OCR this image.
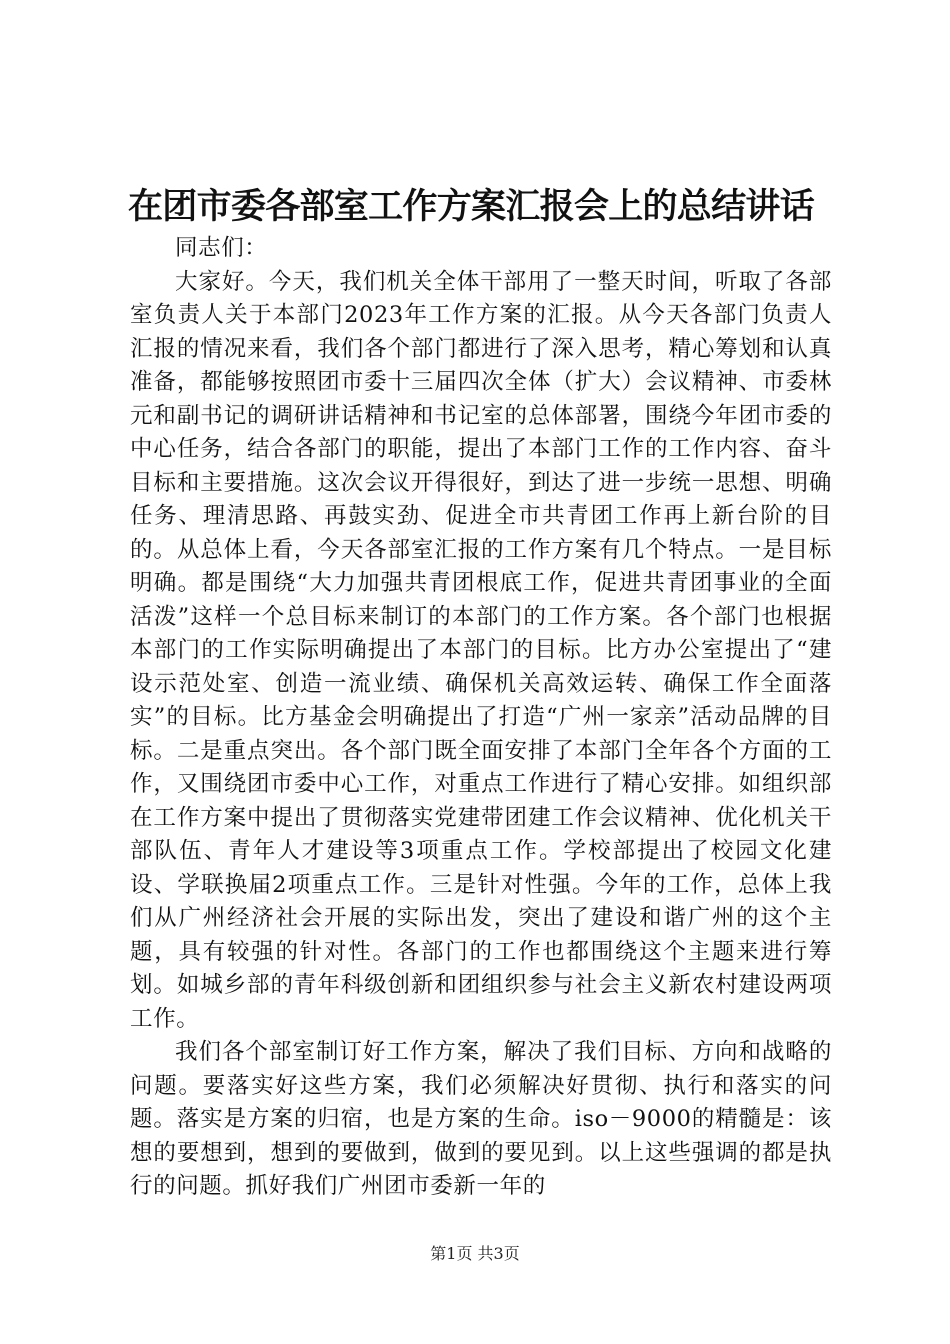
在团市委各部室工作方案汇报会上的总结讲话

同志们：

大家好。今天，我们机关全体干部用了一整天时间，听取了各部室负责人关于本部门2023年工作方案的汇报。从今天各部门负责人汇报的情况来看，我们各个部门都进行了深入思考，精心筹划和认真准备，都能够按照团市委十三届四次全体（扩大）会议精神、市委林元和副书记的调研讲话精神和书记室的总体部署，围绕今年团市委的中心任务，结合各部门的职能，提出了本部门工作的工作内容、奋斗目标和主要措施。这次会议开得很好，到达了进一步统一思想、明确任务、理清思路、再鼓实劲、促进全市共青团工作再上新台阶的目的。从总体上看，今天各部室汇报的工作方案有几个特点。一是目标明确。都是围绕“大力加强共青团根底工作，促进共青团事业的全面活泼”这样一个总目标来制订的本部门的工作方案。各个部门也根据本部门的工作实际明确提出了本部门的目标。比方办公室提出了“建设示范处室、创造一流业绩、确保机关高效运转、确保工作全面落实”的目标。比方基金会明确提出了打造“广州一家亲”活动品牌的目标。二是重点突出。各个部门既全面安排了本部门全年各个方面的工作，又围绕团市委中心工作，对重点工作进行了精心安排。如组织部在工作方案中提出了贯彻落实党建带团建工作会议精神、优化机关干部队伍、青年人才建设等3项重点工作。学校部提出了校园文化建设、学联换届2项重点工作。三是针对性强。今年的工作，总体上我们从广州经济社会开展的实际出发，突出了建设和谐广州的这个主题，具有较强的针对性。各部门的工作也都围绕这个主题来进行筹划。如城乡部的青年科级创新和团组织参与社会主义新农村建设两项工作。

我们各个部室制订好工作方案，解决了我们目标、方向和战略的问题。要落实好这些方案，我们必须解决好贯彻、执行和落实的问题。落实是方案的归宿，也是方案的生命。iso－9000的精髓是：该想的要想到，想到的要做到，做到的要见到。以上这些强调的都是执行的问题。抓好我们广州团市委新一年的

第1页 共3页
